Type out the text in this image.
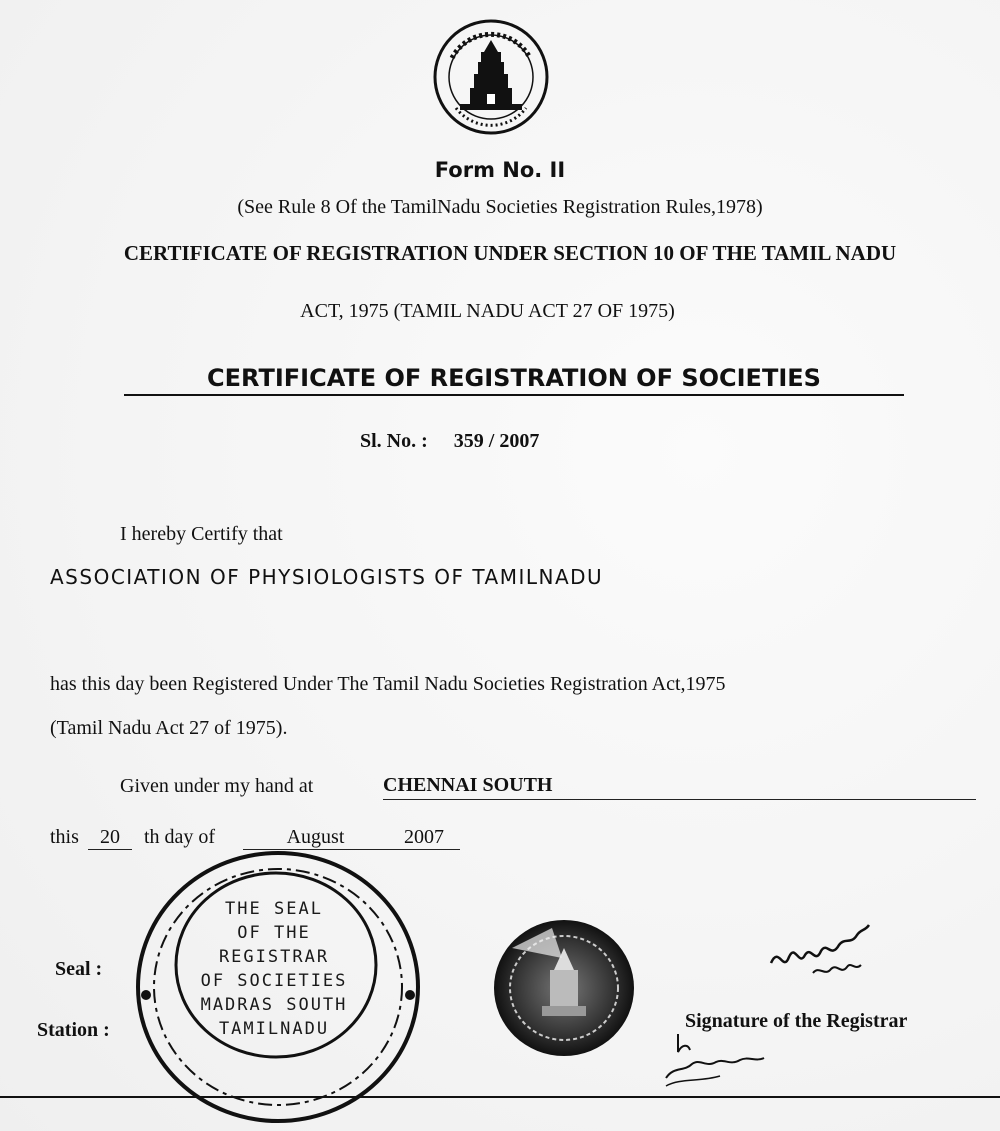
Form No. II
(See Rule 8 Of the TamilNadu Societies Registration Rules,1978)
CERTIFICATE OF REGISTRATION UNDER SECTION 10 OF THE TAMIL NADU
ACT, 1975 (TAMIL NADU ACT 27 OF 1975)
CERTIFICATE OF REGISTRATION OF SOCIETIES
Sl. No. : 359 / 2007
I hereby Certify that
ASSOCIATION OF PHYSIOLOGISTS OF TAMILNADU
has this day been Registered Under The Tamil Nadu Societies Registration Act,1975
(Tamil Nadu Act 27 of 1975).
Given under my hand at	CHENNAI SOUTH
this	20	th day of	August	2007
THE SEAL
OF THE
REGISTRAR
OF SOCIETIES
MADRAS SOUTH
TAMILNADU
Seal :
Station :	Signature of the Registrar
